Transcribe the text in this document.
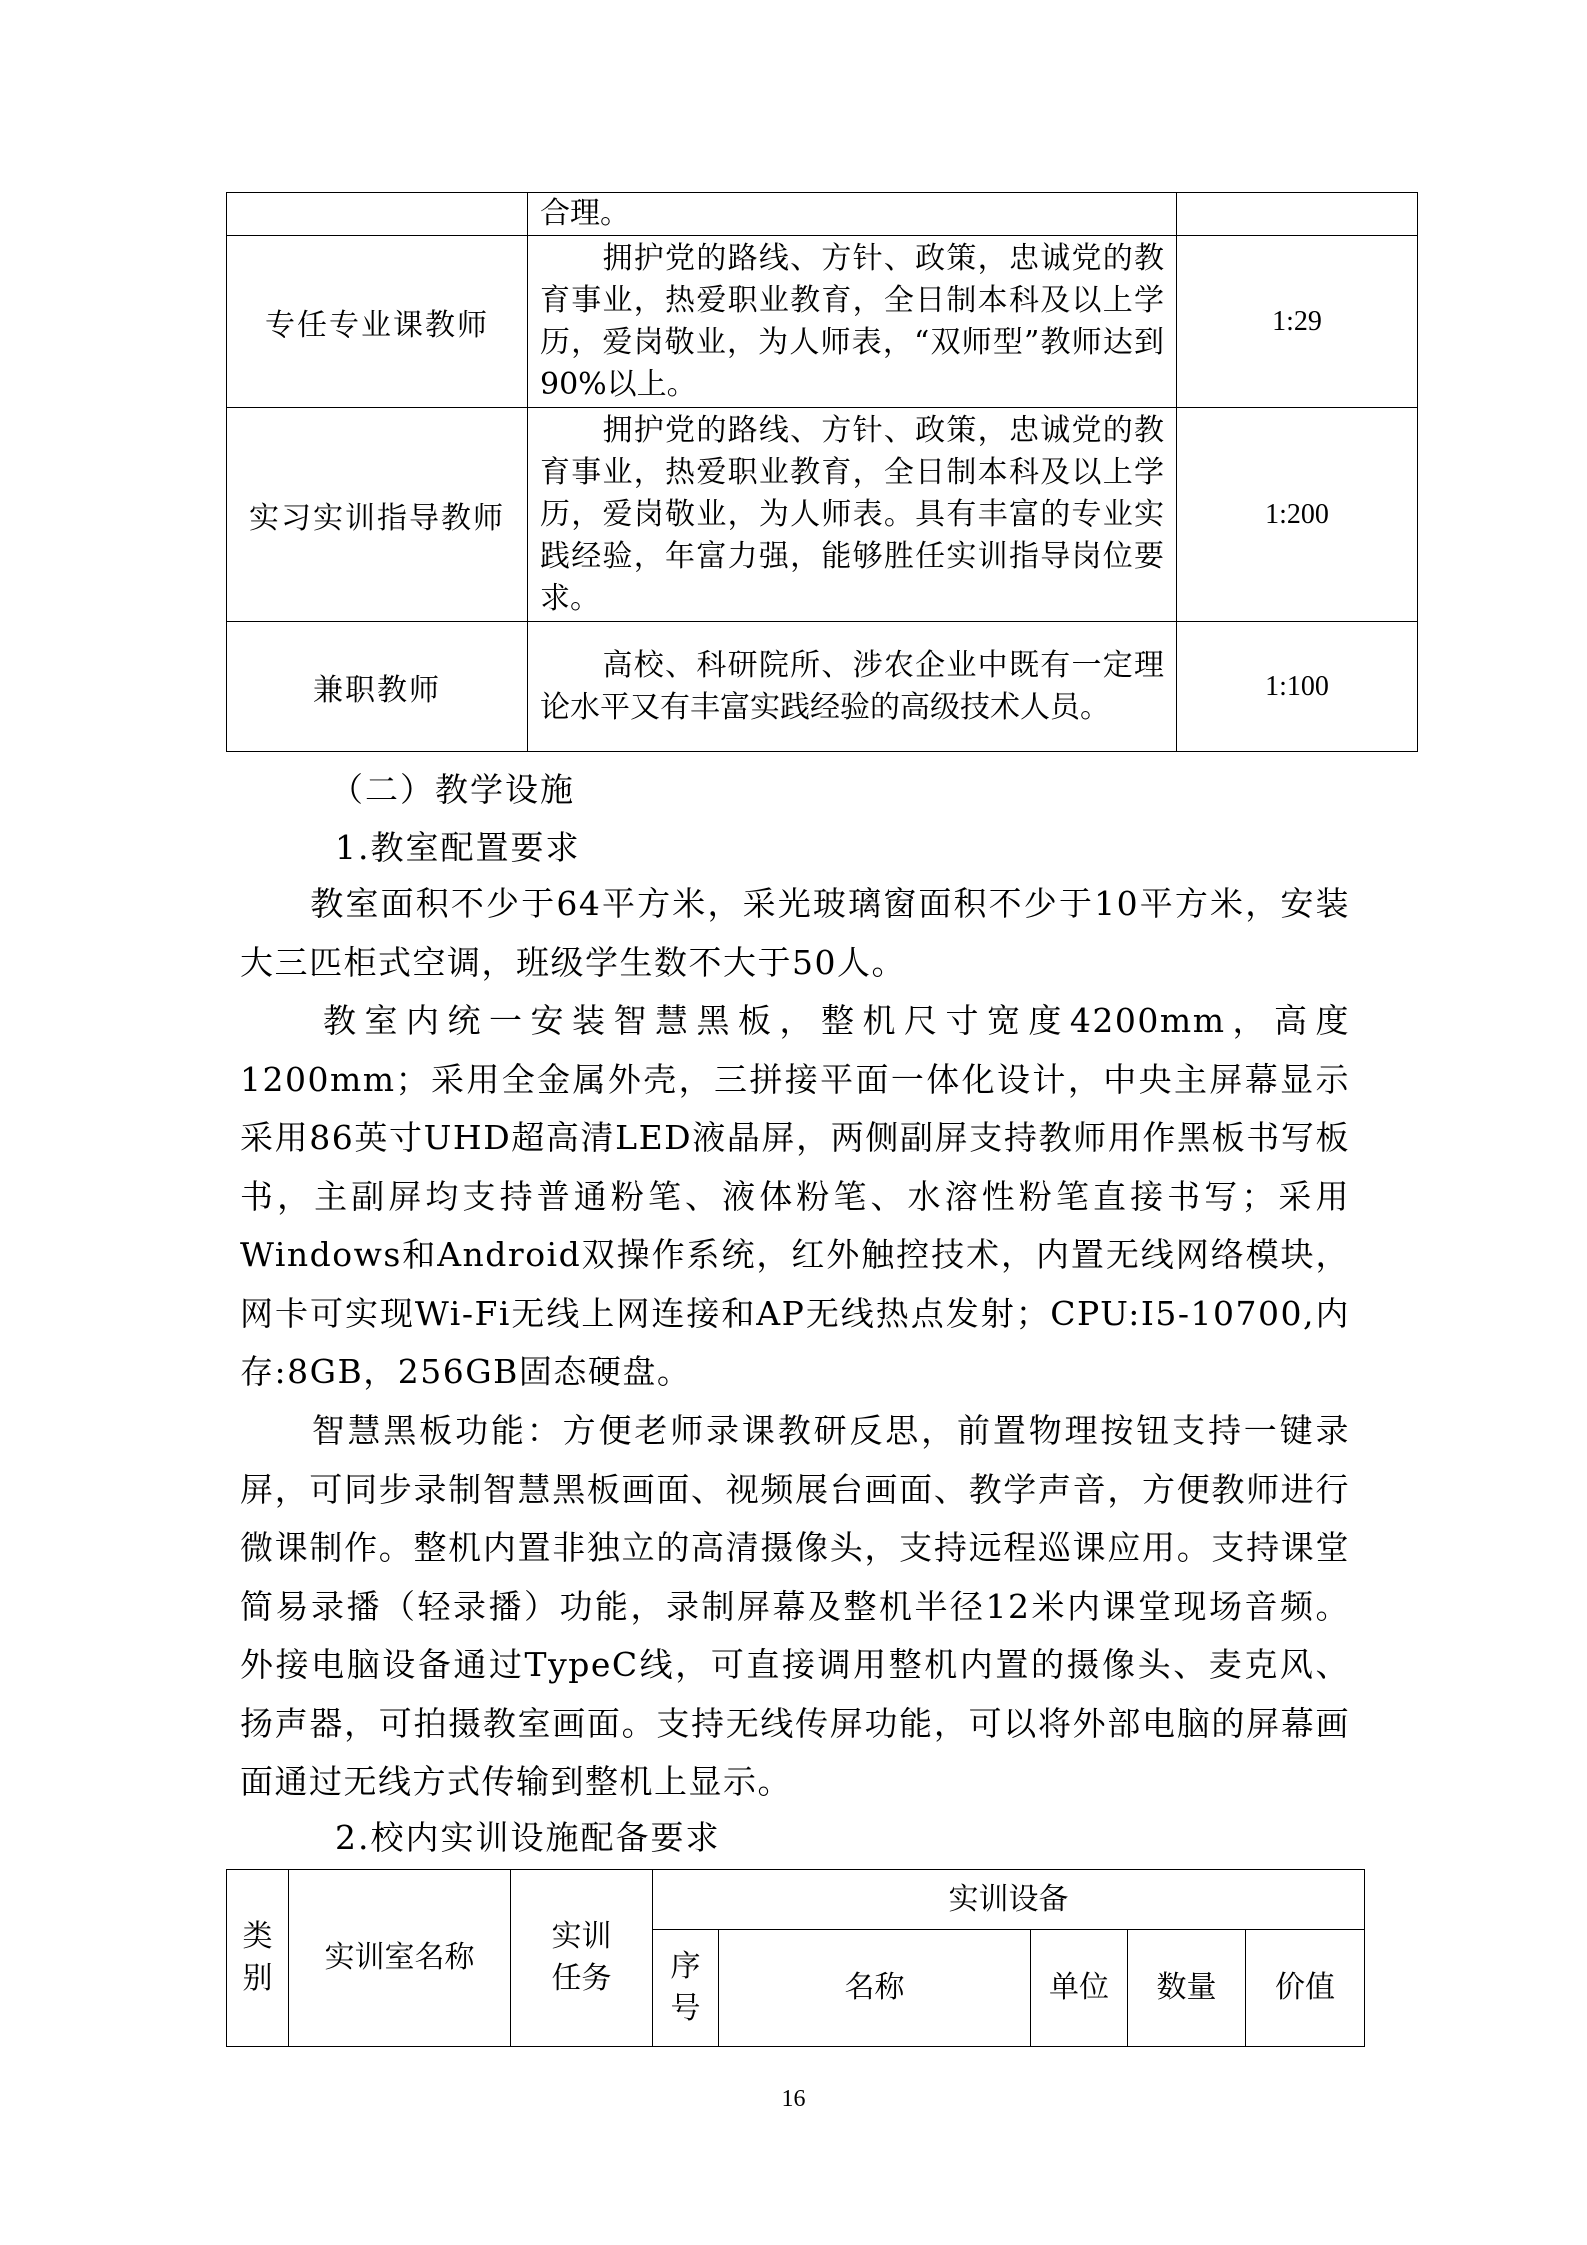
	合理。	
专任专业课教师	　　拥护党的路线、方针、政策，忠诚党的教育事业，热爱职业教育，全日制本科及以上学历，爱岗敬业，为人师表，“双师型”教师达到90%以上。	1:29
实习实训指导教师	　　拥护党的路线、方针、政策，忠诚党的教育事业，热爱职业教育，全日制本科及以上学历，爱岗敬业，为人师表。具有丰富的专业实践经验，年富力强，能够胜任实训指导岗位要求。	1:200
兼职教师	　　高校、科研院所、涉农企业中既有一定理论水平又有丰富实践经验的高级技术人员。	1:100
（二）教学设施
1.教室配置要求
　　教室面积不少于64平方米，采光玻璃窗面积不少于10平方米，安装大三匹柜式空调，班级学生数不大于50人。
　　教室内统一安装智慧黑板，整机尺寸宽度4200mm，高度1200mm；采用全金属外壳，三拼接平面一体化设计，中央主屏幕显示采用86英寸UHD超高清LED液晶屏，两侧副屏支持教师用作黑板书写板书，主副屏均支持普通粉笔、液体粉笔、水溶性粉笔直接书写；采用Windows和Android双操作系统，红外触控技术，内置无线网络模块，网卡可实现Wi-Fi无线上网连接和AP无线热点发射；CPU:I5-10700,内存:8GB，256GB固态硬盘。
　　智慧黑板功能：方便老师录课教研反思，前置物理按钮支持一键录屏，可同步录制智慧黑板画面、视频展台画面、教学声音，方便教师进行微课制作。整机内置非独立的高清摄像头，支持远程巡课应用。支持课堂简易录播（轻录播）功能，录制屏幕及整机半径12米内课堂现场音频。外接电脑设备通过TypeC线，可直接调用整机内置的摄像头、麦克风、扬声器，可拍摄教室画面。支持无线传屏功能，可以将外部电脑的屏幕画面通过无线方式传输到整机上显示。
2.校内实训设施配备要求
类别	实训室名称	实训任务	实训设备				

			序号	名称	单位	数量	价值
16
